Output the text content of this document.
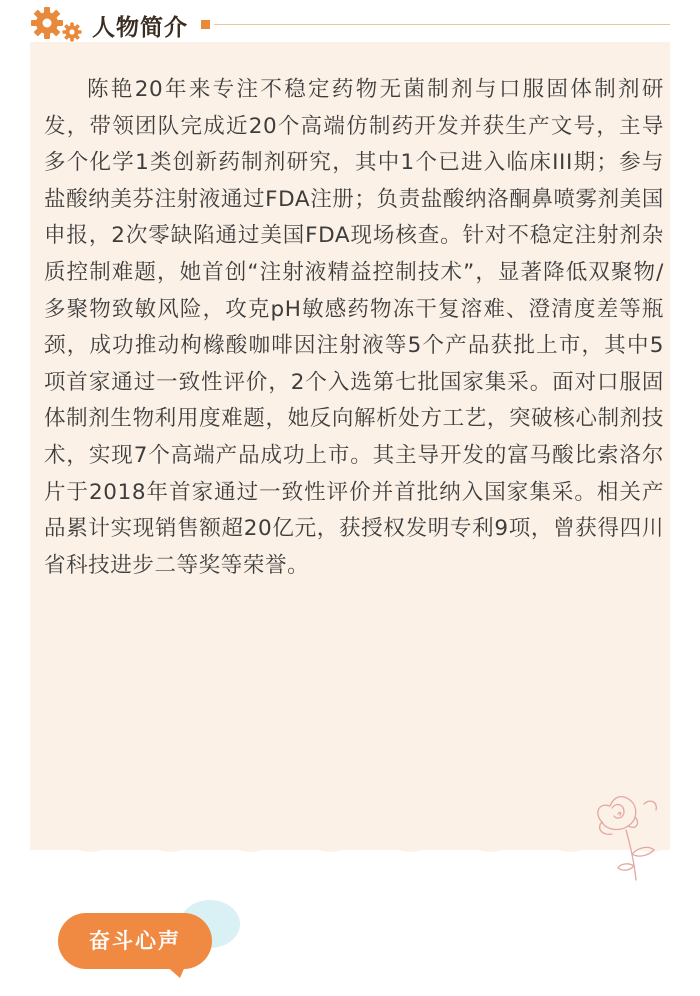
人物简介

陈艳20年来专注不稳定药物无菌制剂与口服固体制剂研发，带领团队完成近20个高端仿制药开发并获生产文号，主导多个化学1类创新药制剂研究，其中1个已进入临床III期；参与盐酸纳美芬注射液通过FDA注册；负责盐酸纳洛酮鼻喷雾剂美国申报，2次零缺陷通过美国FDA现场核查。针对不稳定注射剂杂质控制难题，她首创“注射液精益控制技术”，显著降低双聚物/多聚物致敏风险，攻克pH敏感药物冻干复溶难、澄清度差等瓶颈，成功推动枸橼酸咖啡因注射液等5个产品获批上市，其中5项首家通过一致性评价，2个入选第七批国家集采。面对口服固体制剂生物利用度难题，她反向解析处方工艺，突破核心制剂技术，实现7个高端产品成功上市。其主导开发的富马酸比索洛尔片于2018年首家通过一致性评价并首批纳入国家集采。相关产品累计实现销售额超20亿元，获授权发明专利9项，曾获得四川省科技进步二等奖等荣誉。

奋斗心声
